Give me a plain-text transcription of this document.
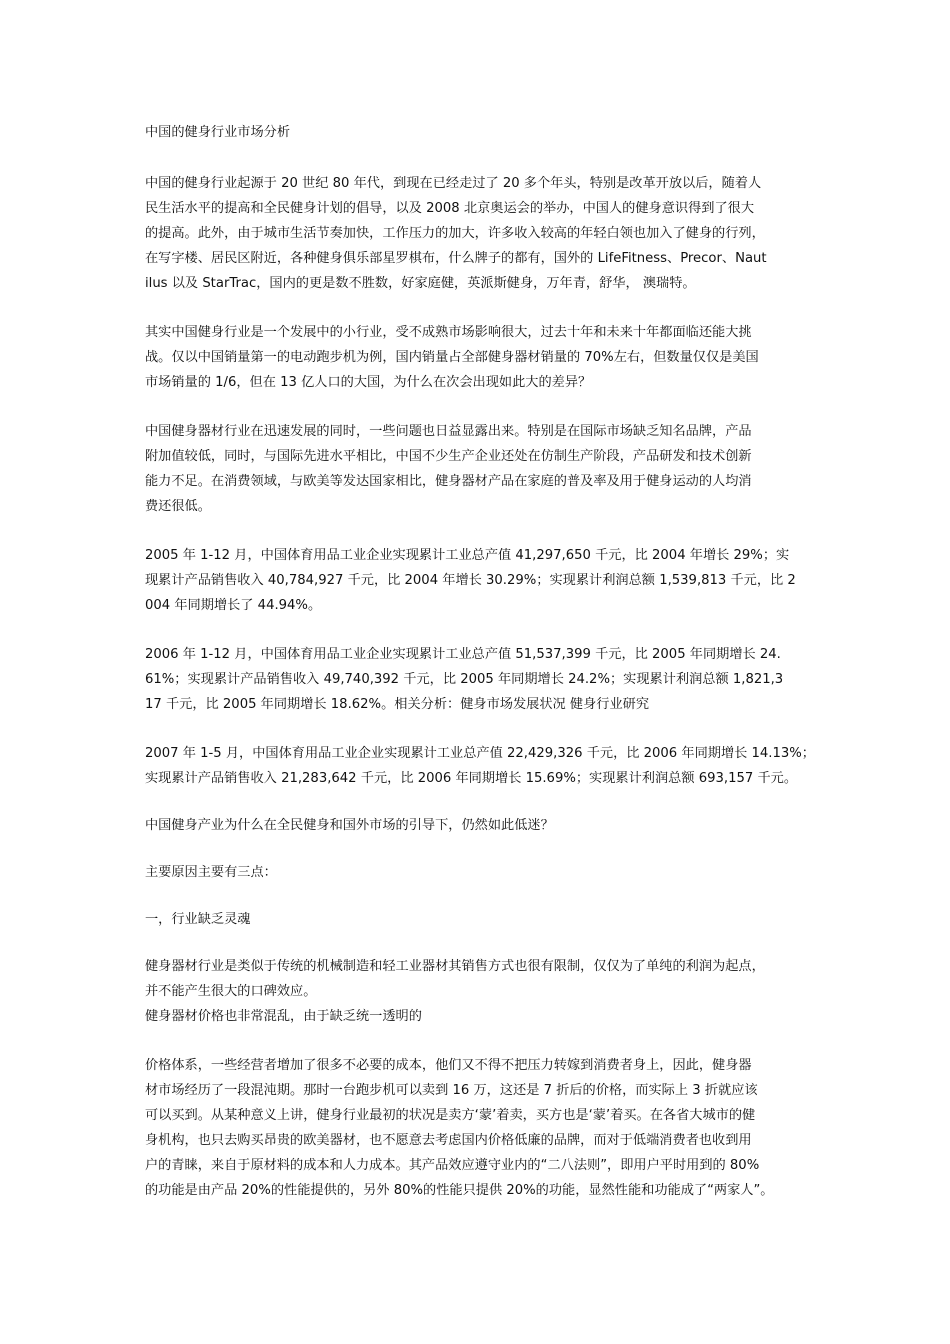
中国的健身行业市场分析
中国的健身行业起源于 20 世纪 80 年代，到现在已经走过了 20 多个年头，特别是改革开放以后，随着人
民生活水平的提高和全民健身计划的倡导，以及 2008 北京奥运会的举办，中国人的健身意识得到了很大
的提高。此外，由于城市生活节奏加快，工作压力的加大，许多收入较高的年轻白领也加入了健身的行列，
在写字楼、居民区附近，各种健身俱乐部星罗棋布，什么牌子的都有，国外的 LifeFitness、Precor、Naut
ilus 以及 StarTrac，国内的更是数不胜数，好家庭健，英派斯健身，万年青，舒华， 澳瑞特。
其实中国健身行业是一个发展中的小行业，受不成熟市场影响很大，过去十年和未来十年都面临还能大挑
战。仅以中国销量第一的电动跑步机为例，国内销量占全部健身器材销量的 70%左右，但数量仅仅是美国
市场销量的 1/6，但在 13 亿人口的大国，为什么在次会出现如此大的差异？
中国健身器材行业在迅速发展的同时，一些问题也日益显露出来。特别是在国际市场缺乏知名品牌，产品
附加值较低，同时，与国际先进水平相比，中国不少生产企业还处在仿制生产阶段，产品研发和技术创新
能力不足。在消费领域，与欧美等发达国家相比，健身器材产品在家庭的普及率及用于健身运动的人均消
费还很低。
2005 年 1-12 月，中国体育用品工业企业实现累计工业总产值 41,297,650 千元，比 2004 年增长 29%；实
现累计产品销售收入 40,784,927 千元，比 2004 年增长 30.29%；实现累计利润总额 1,539,813 千元，比 2
004 年同期增长了 44.94%。
2006 年 1-12 月，中国体育用品工业企业实现累计工业总产值 51,537,399 千元，比 2005 年同期增长 24.
61%；实现累计产品销售收入 49,740,392 千元，比 2005 年同期增长 24.2%；实现累计利润总额 1,821,3
17 千元，比 2005 年同期增长 18.62%。相关分析：健身市场发展状况 健身行业研究
2007 年 1-5 月，中国体育用品工业企业实现累计工业总产值 22,429,326 千元，比 2006 年同期增长 14.13%；
实现累计产品销售收入 21,283,642 千元，比 2006 年同期增长 15.69%；实现累计利润总额 693,157 千元。
中国健身产业为什么在全民健身和国外市场的引导下，仍然如此低迷？
主要原因主要有三点：
一，行业缺乏灵魂
健身器材行业是类似于传统的机械制造和轻工业器材其销售方式也很有限制，仅仅为了单纯的利润为起点，
并不能产生很大的口碑效应。
健身器材价格也非常混乱，由于缺乏统一透明的
价格体系，一些经营者增加了很多不必要的成本，他们又不得不把压力转嫁到消费者身上，因此，健身器
材市场经历了一段混沌期。那时一台跑步机可以卖到 16 万，这还是 7 折后的价格，而实际上 3 折就应该
可以买到。从某种意义上讲，健身行业最初的状况是卖方‘蒙’着卖，买方也是‘蒙’着买。在各省大城市的健
身机构，也只去购买昂贵的欧美器材，也不愿意去考虑国内价格低廉的品牌，而对于低端消费者也收到用
户的青睐，来自于原材料的成本和人力成本。其产品效应遵守业内的“二八法则”，即用户平时用到的 80%
的功能是由产品 20%的性能提供的，另外 80%的性能只提供 20%的功能，显然性能和功能成了“两家人”。
